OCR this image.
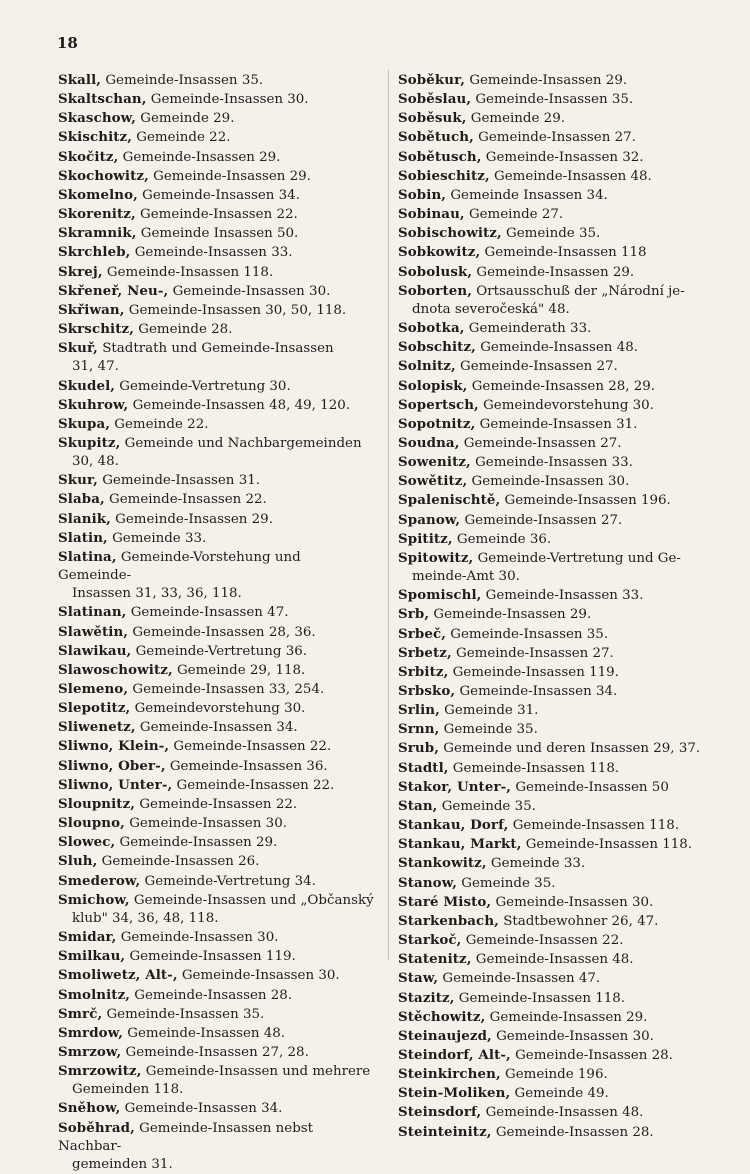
18

Skall, Gemeinde-Insassen 35.

Skaltschan, Gemeinde-Insassen 30.

Skaschow, Gemeinde 29.

Skischitz, Gemeinde 22.

Skočitz, Gemeinde-Insassen 29.

Skochowitz, Gemeinde-Insassen 29.

Skomelno, Gemeinde-Insassen 34.

Skorenitz, Gemeinde-Insassen 22.

Skramnik, Gemeinde Insassen 50.

Skrchleb, Gemeinde-Insassen 33.

Skrej, Gemeinde-Insassen 118.

Skřeneř, Neu-, Gemeinde-Insassen 30.

Skřiwan, Gemeinde-Insassen 30, 50, 118.

Skrschitz, Gemeinde 28.

Skuř, Stadtrath und Gemeinde-Insassen
31, 47.

Skudel, Gemeinde-Vertretung 30.

Skuhrow, Gemeinde-Insassen 48, 49, 120.

Skupa, Gemeinde 22.

Skupitz, Gemeinde und Nachbargemeinden
30, 48.

Skur, Gemeinde-Insassen 31.

Slaba, Gemeinde-Insassen 22.

Slanik, Gemeinde-Insassen 29.

Slatin, Gemeinde 33.

Slatina, Gemeinde-Vorstehung und Gemeinde-
Insassen 31, 33, 36, 118.

Slatinan, Gemeinde-Insassen 47.

Slawětin, Gemeinde-Insassen 28, 36.

Slawikau, Gemeinde-Vertretung 36.

Slawoschowitz, Gemeinde 29, 118.

Slemeno, Gemeinde-Insassen 33, 254.

Slepotitz, Gemeindevorstehung 30.

Sliwenetz, Gemeinde-Insassen 34.

Sliwno, Klein-, Gemeinde-Insassen 22.

Sliwno, Ober-, Gemeinde-Insassen 36.

Sliwno, Unter-, Gemeinde-Insassen 22.

Sloupnitz, Gemeinde-Insassen 22.

Sloupno, Gemeinde-Insassen 30.

Slowec, Gemeinde-Insassen 29.

Sluh, Gemeinde-Insassen 26.

Smederow, Gemeinde-Vertretung 34.

Smichow, Gemeinde-Insassen und „Občanský
klub" 34, 36, 48, 118.

Smidar, Gemeinde-Insassen 30.

Smilkau, Gemeinde-Insassen 119.

Smoliwetz, Alt-, Gemeinde-Insassen 30.

Smolnitz, Gemeinde-Insassen 28.

Smrč, Gemeinde-Insassen 35.

Smrdow, Gemeinde-Insassen 48.

Smrzow, Gemeinde-Insassen 27, 28.

Smrzowitz, Gemeinde-Insassen und mehrere
Gemeinden 118.

Sněhow, Gemeinde-Insassen 34.

Soběhrad, Gemeinde-Insassen nebst Nachbar-
gemeinden 31.

Soběkur, Gemeinde-Insassen 29.

Soběslau, Gemeinde-Insassen 35.

Soběsuk, Gemeinde 29.

Sobětuch, Gemeinde-Insassen 27.

Sobětusch, Gemeinde-Insassen 32.

Sobieschitz, Gemeinde-Insassen 48.

Sobin, Gemeinde Insassen 34.

Sobinau, Gemeinde 27.

Sobischowitz, Gemeinde 35.

Sobkowitz, Gemeinde-Insassen 118

Sobolusk, Gemeinde-Insassen 29.

Soborten, Ortsausschuß der „Národní je-
dnota severočeská" 48.

Sobotka, Gemeinderath 33.

Sobschitz, Gemeinde-Insassen 48.

Solnitz, Gemeinde-Insassen 27.

Solopisk, Gemeinde-Insassen 28, 29.

Sopertsch, Gemeindevorstehung 30.

Sopotnitz, Gemeinde-Insassen 31.

Soudna, Gemeinde-Insassen 27.

Sowenitz, Gemeinde-Insassen 33.

Sowětitz, Gemeinde-Insassen 30.

Spalenischtě, Gemeinde-Insassen 196.

Spanow, Gemeinde-Insassen 27.

Spititz, Gemeinde 36.

Spitowitz, Gemeinde-Vertretung und Ge-
meinde-Amt 30.

Spomischl, Gemeinde-Insassen 33.

Srb, Gemeinde-Insassen 29.

Srbeč, Gemeinde-Insassen 35.

Srbetz, Gemeinde-Insassen 27.

Srbitz, Gemeinde-Insassen 119.

Srbsko, Gemeinde-Insassen 34.

Srlin, Gemeinde 31.

Srnn, Gemeinde 35.

Srub, Gemeinde und deren Insassen 29, 37.

Stadtl, Gemeinde-Insassen 118.

Stakor, Unter-, Gemeinde-Insassen 50

Stan, Gemeinde 35.

Stankau, Dorf, Gemeinde-Insassen 118.

Stankau, Markt, Gemeinde-Insassen 118.

Stankowitz, Gemeinde 33.

Stanow, Gemeinde 35.

Staré Misto, Gemeinde-Insassen 30.

Starkenbach, Stadtbewohner 26, 47.

Starkoč, Gemeinde-Insassen 22.

Statenitz, Gemeinde-Insassen 48.

Staw, Gemeinde-Insassen 47.

Stazitz, Gemeinde-Insassen 118.

Stěchowitz, Gemeinde-Insassen 29.

Steinaujezd, Gemeinde-Insassen 30.

Steindorf, Alt-, Gemeinde-Insassen 28.

Steinkirchen, Gemeinde 196.

Stein-Moliken, Gemeinde 49.

Steinsdorf, Gemeinde-Insassen 48.

Steinteinitz, Gemeinde-Insassen 28.
